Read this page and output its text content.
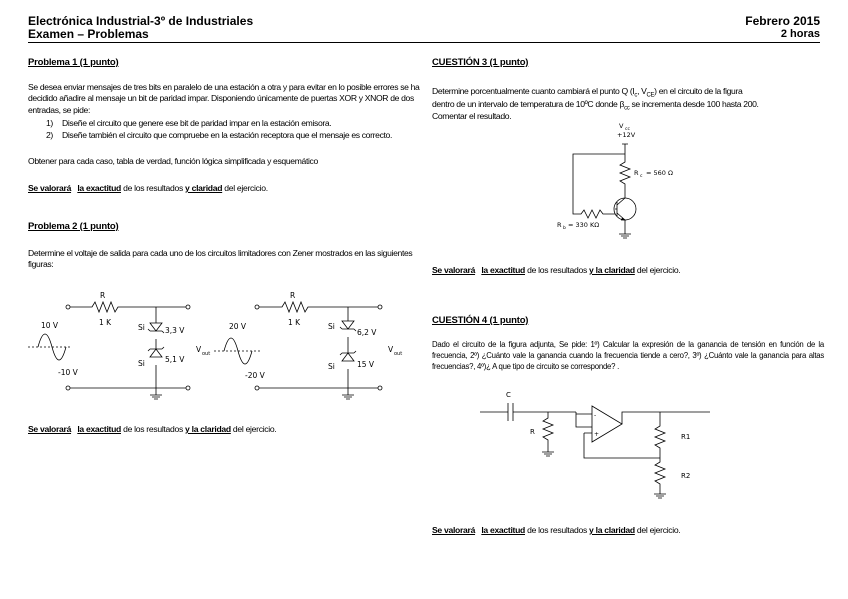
Electrónica Industrial-3º de Industriales
Examen – Problemas
Febrero 2015
2 horas
Problema 1 (1 punto)
Se desea enviar mensajes de tres bits en paralelo de una estación a otra y para evitar en lo posible errores se ha decidido añadire al mensaje un bit de paridad impar. Disponiendo únicamente de puertas XOR y XNOR de dos entradas, se pide:
1) Diseñe el circuito que genere ese bit de paridad impar en la estación emisora.
2) Diseñe también el circuito que compruebe en la estación receptora que el mensaje es correcto.
Obtener para cada caso, tabla de verdad, función lógica simplificada y esquemático
Se valorará la exactitud de los resultados y claridad del ejercicio.
Problema 2 (1 punto)
Determine el voltaje de salida para cada uno de los circuitos limitadores con Zener mostrados en las siguientes figuras:
R
1 K
10 V
-10 V
Si	3,3 V
Si	5,1 V
V out
R
1 K
20 V
-20 V
Si
6,2 V
Si	15 V
V out
Se valorará la exactitud de los resultados y la claridad del ejercicio.
CUESTIÓN 3 (1 punto)
Determine porcentualmente cuanto cambiará el punto Q ($I_c$, $V_{CE}$) en el circuito de la figura
dentro de un intervalo de temperatura de 10ºC donde $\beta_{cc}$ se incrementa desde 100 hasta 200.
Comentar el resultado.
V cc
+12V
R c = 560 Ω
R b = 330 KΩ
Se valorará la exactitud de los resultados y la claridad del ejercicio.
CUESTIÓN 4 (1 punto)
Dado el circuito de la figura adjunta, Se pide: 1º) Calcular la expresión de la ganancia de tensión en función de la frecuencia, 2º) ¿Cuánto vale la ganancia cuando la frecuencia tiende a cero?, 3º) ¿Cuánto vale la ganancia para altas frecuencias?, 4º)¿ A que tipo de circuito se corresponde? .
C
R
R1
R2
-
+
Se valorará la exactitud de los resultados y la claridad del ejercicio.
